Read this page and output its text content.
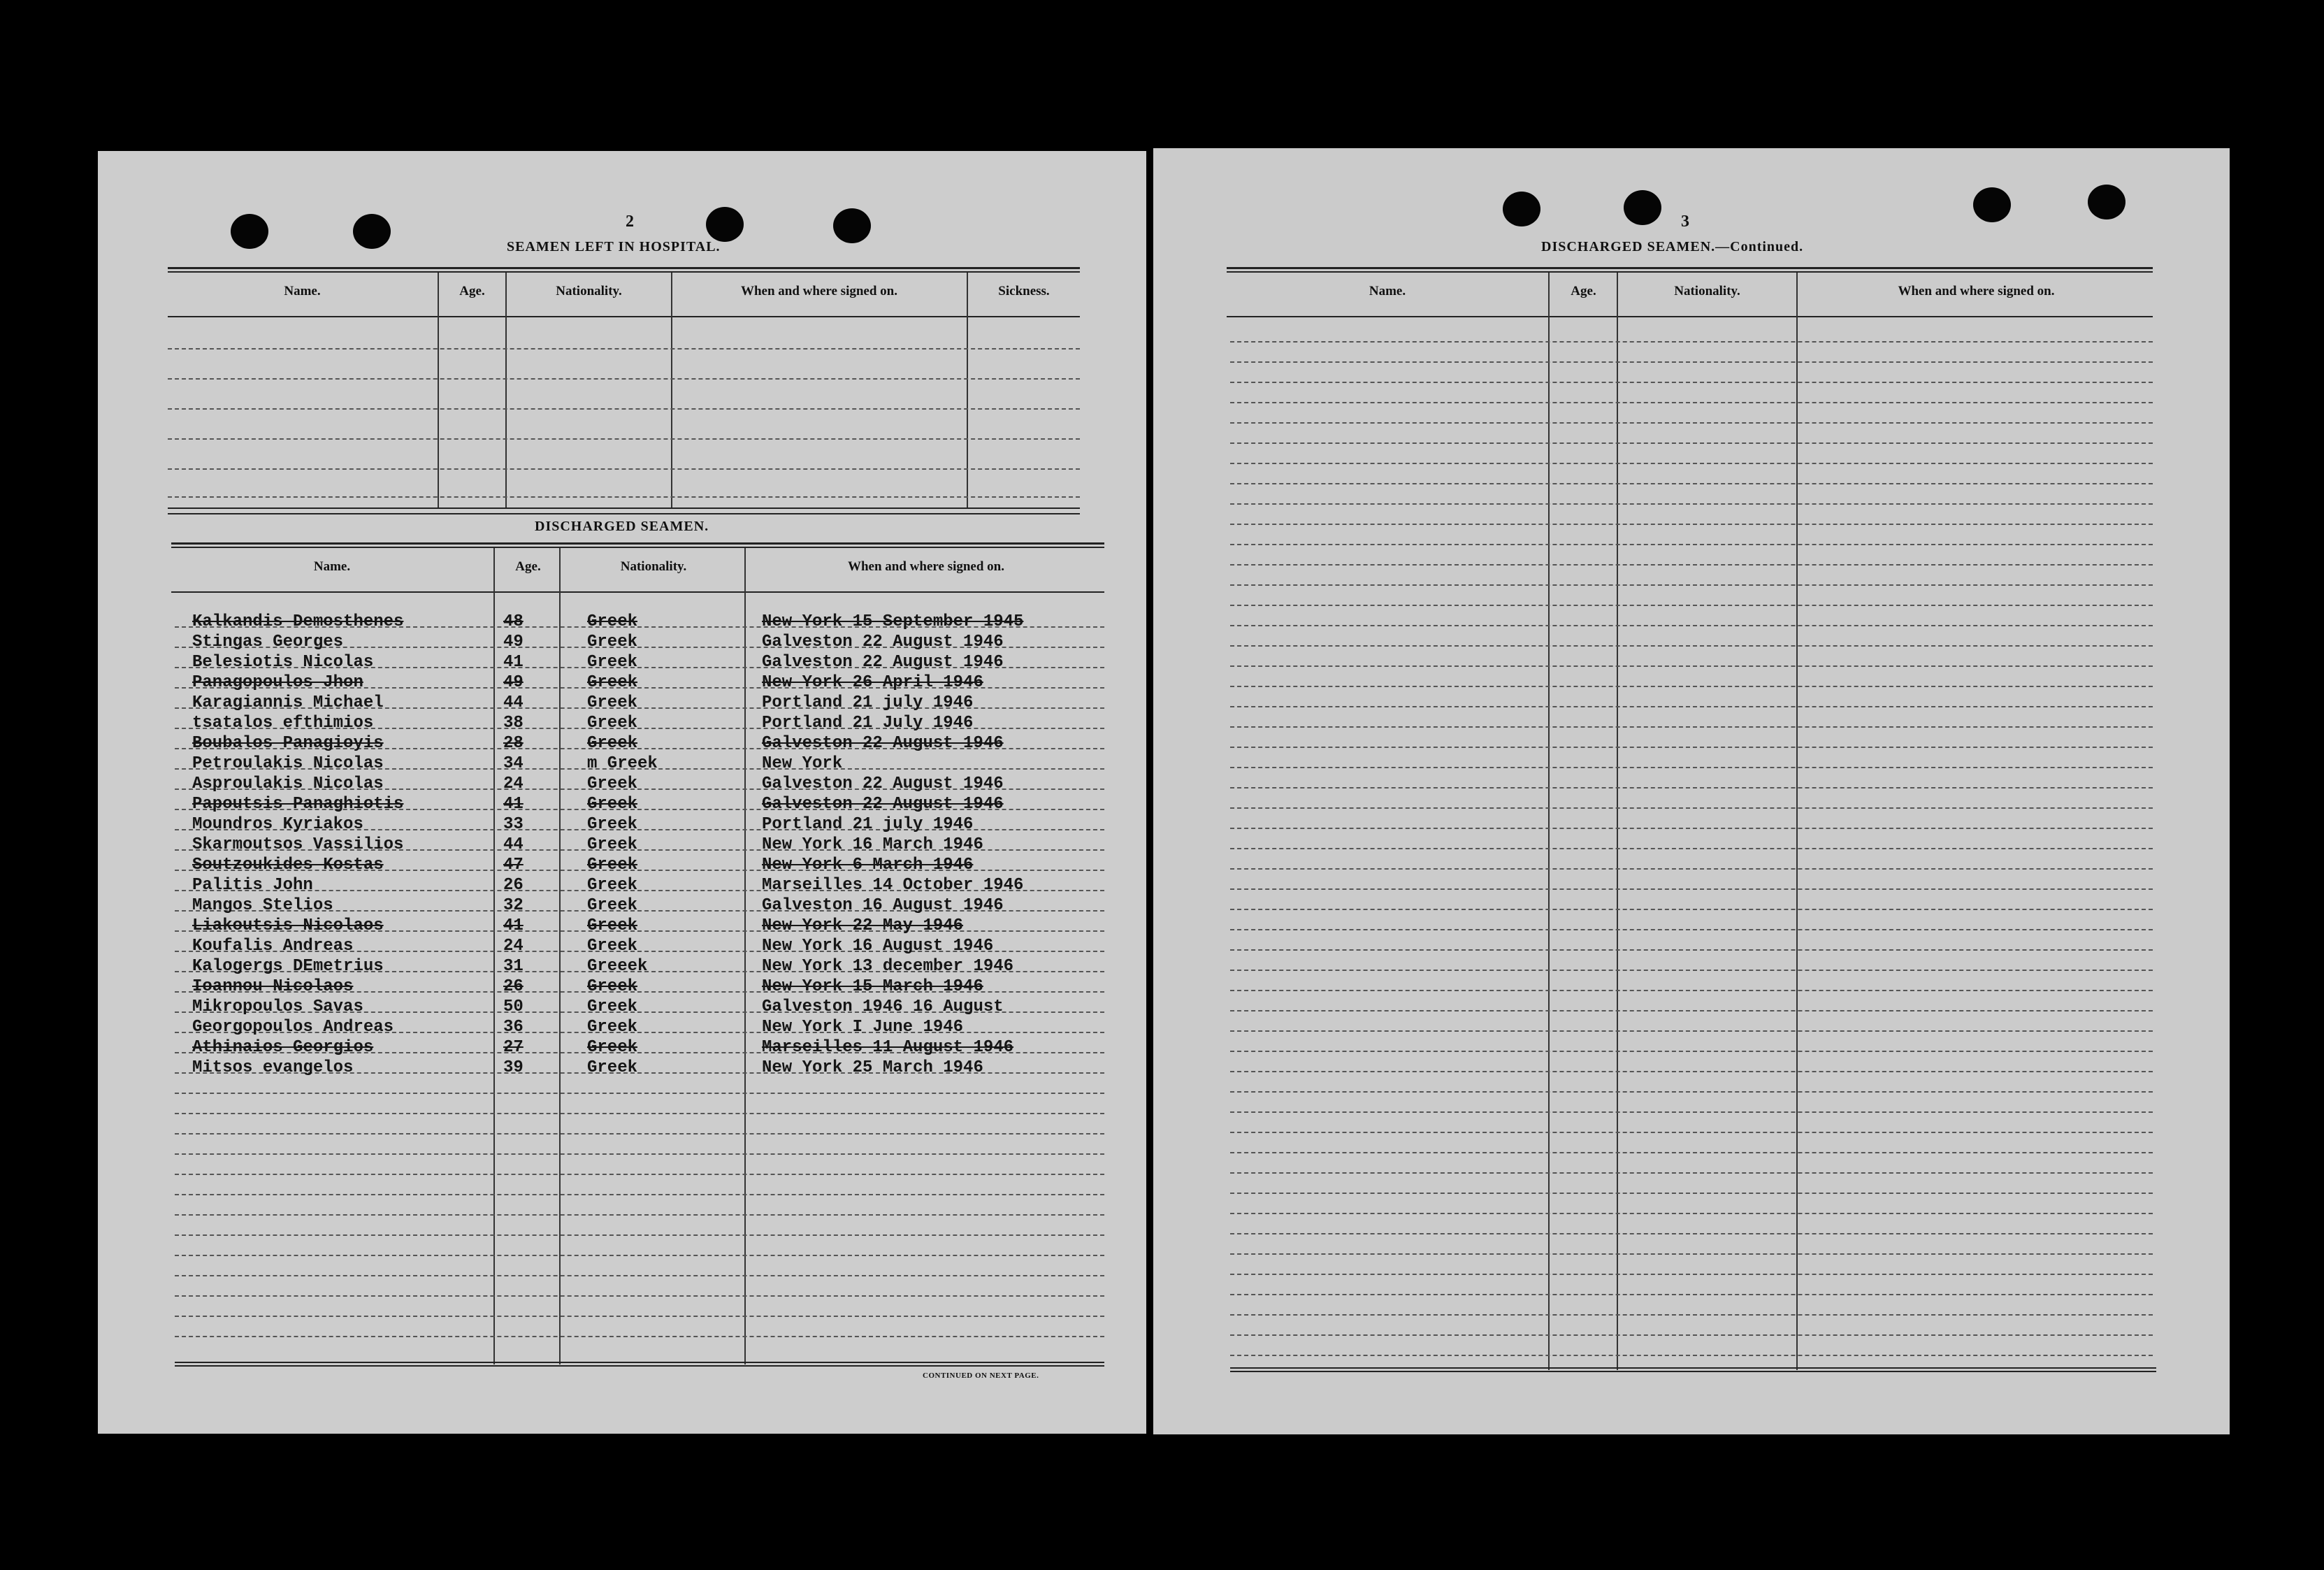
2
SEAMEN LEFT IN HOSPITAL.
Name.	Age.	Nationality.	When and where signed on.	Sickness.
DISCHARGED SEAMEN.
Name.	Age.	Nationality.	When and where signed on.
Kalkandis Demosthenes	48	Greek	New York 15 September 1945
Stingas Georges	49	Greek	Galveston 22 August 1946
Belesiotis Nicolas	41	Greek	Galveston 22 August 1946
Panagopoulos Jhon	49	Greek	New York 26 April 1946
Karagiannis Michael	44	Greek	Portland 21 july 1946
tsatalos efthimios	38	Greek	Portland 21 July 1946
Boubalos Panagioyis	28	Greek	Galveston 22 August 1946
Petroulakis Nicolas	34	m Greek	New York
Asproulakis Nicolas	24	Greek	Galveston 22 August 1946
Papoutsis Panaghiotis	41	Greek	Galveston 22 August 1946
Moundros Kyriakos	33	Greek	Portland 21 july 1946
Skarmoutsos Vassilios	44	Greek	New York 16 March 1946
Soutzoukides Kostas	47	Greek	New York 6 March 1946
Palitis John	26	Greek	Marseilles 14 October 1946
Mangos Stelios	32	Greek	Galveston 16 August 1946
Liakoutsis Nicolaos	41	Greek	New York 22 May 1946
Koufalis Andreas	24	Greek	New York 16 August 1946
Kalogergs DEmetrius	31	Greeek	New York 13 december 1946
Ioannou Nicolaos	26	Greek	New York 15 March 1946
Mikropoulos Savas	50	Greek	Galveston 1946 16 August
Georgopoulos Andreas	36	Greek	New York I June 1946
Athinaios Georgios	27	Greek	Marseilles 11 August 1946
Mitsos evangelos	39	Greek	New York 25 March 1946
CONTINUED ON NEXT PAGE.
3
DISCHARGED SEAMEN.—Continued.
Name.	Age.	Nationality.	When and where signed on.
